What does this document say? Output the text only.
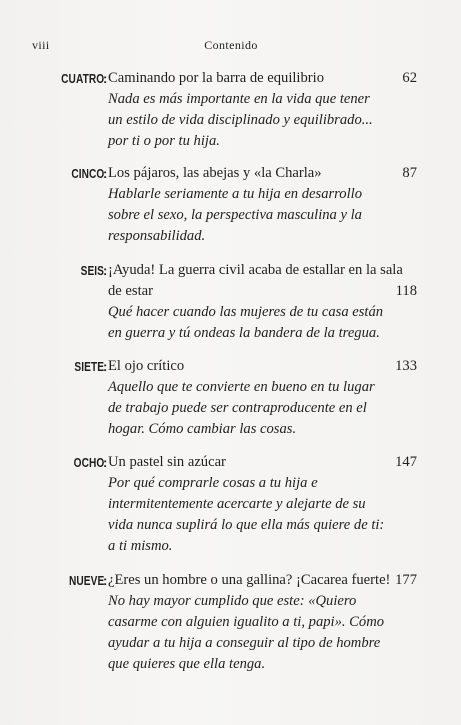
viii	Contenido
CUATRO : Caminando por la barra de equilibrio
Nada es más importante en la vida que tener
un estilo de vida disciplinado y equilibrado...
por ti o por tu hija.
62
CINCO : Los pájaros, las abejas y «la Charla»
Hablarle seriamente a tu hija en desarrollo
sobre el sexo, la perspectiva masculina y la
responsabilidad.
87
SEIS : ¡Ayuda! La guerra civil acaba de estallar en la sala
de estar
Qué hacer cuando las mujeres de tu casa están
en guerra y tú ondeas la bandera de la tregua.
118
SIETE : El ojo crítico
Aquello que te convierte en bueno en tu lugar
de trabajo puede ser contraproducente en el
hogar. Cómo cambiar las cosas.
133
OCHO : Un pastel sin azúcar
Por qué comprarle cosas a tu hija e
intermitentemente acercarte y alejarte de su
vida nunca suplirá lo que ella más quiere de ti:
a ti mismo.
147
NUEVE : ¿Eres un hombre o una gallina? ¡Cacarea fuerte!
No hay mayor cumplido que este: «Quiero
casarme con alguien igualito a ti, papi». Cómo
ayudar a tu hija a conseguir al tipo de hombre
que quieres que ella tenga.
177
